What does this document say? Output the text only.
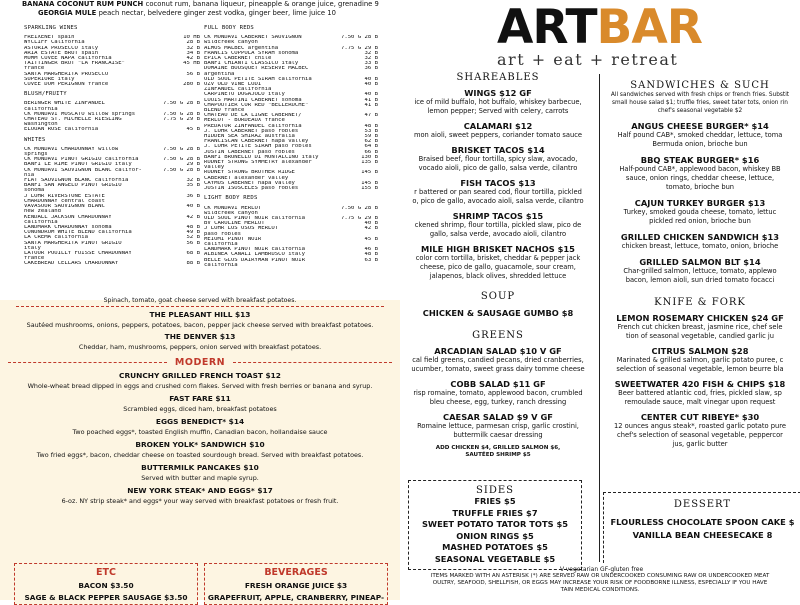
BANANA COCONUT RUM PUNCH coconut rum, banana liqueur, pineapple & orange juice, grenadine 9
GEORGIA MULE peach nectar, belvedere ginger zest vodka, ginger beer, lime juice 10
SPARKLING WINES
FREIXENET spain	10 HB
WYCLIFF California	28 B
ASTORIA PROSECCO italy	32 B
ARIA ESTATE BRUT spain	34 B
MUMM CUVEE NAPA california	42 B
TAITTINGER BRUT "LA FRANCAISE"	45 HB
france
SANTA MARGHERITA PROSECCO	56 B
SUPERIORE italy
CUVEE DOM PERIGNON france	280 B
BLUSH/FRUITY
BERINGER WHITE ZINFANDEL	7.50 G 28 B
california
CK MONDAVI MOSCATO willow springs	7.50 G 28 B
CHATEAU ST. MICHELLE RIESLING	7.75 G 29 B
washington
ELOUAN ROSE california	45 B
WHITES
CK MONDAVI CHARDONNAY willow	7.50 G 28 B
springs
CK MONDAVI PINOT GRIGIO california	7.50 G 28 B
BANFI LE RIME PINOT GRIGIO italy	29 B
CK MONDAVI SAUVIGNON BLANC califor-	7.50 G 28 B
nia
FLAT SAUVIGNON BLANC california	32 B
BANFI SAN ANGELO PINOT GRIGIO	35 B
sonoma
J LOHR RIVERSTONE ESTATE	36 B
CHARDONNAY central coast
VAVASOUR SAUVIGNON BLANC	40 B
new zealand
KENDALL JACKSON CHARDONNAY	42 B
california
LANDMARK CHARDONNAY sonoma	48 B
CONUNDRUM WHITE BLEND california	49 B
LA CREMA california	52 B
SANTA MARGHERITA PINOT GRIGIO	56 B
italy
LATOUR POUILLY FUISSE CHARDONNAY	68 B
france
CAKEBREAD CELLARS CHARDONNAY	88 B
FULL BODY REDS
CK MONDAVI CABERNET SAUVIGNON	7.50 G 28 B
wildcreek canyon
ALMOS MALBEC argentina	7.75 G 29 B
FRANCIS COPPOLA SYRAH sonoma	32 B
EPICA CABERNET chile	32 B
BANFI CHIANTI CLASSICO italy	33 B
DOMAINE BOUSQUET RESERVE MALBEC	36 B
argentina
OLD SOUL PETITE SIRAH california	40 B
OZV OLD VINE LODI	40 B
ZINFANDEL california
CARPINETO DOGAJOLO italy	40 B
LOUIS MARTINI CABERNET sonoma	41 B
CHAPOUTIER COR RED "BELLERUCHE"	41 B
BLEND france
CHATEAU DE LA LIGNE CABERNET/	47 B
MERLOT - BORDEAUX france
PREDATOR ZINFANDEL california	48 B
J. LOHR CABERNET paso robles	53 B
HIDDEN SEA SHIRAZ australia	59 B
FRANCISCAN CABERNET napa valley	62 B
J. LOHR PETITE SIRAH paso robles	64 B
JUSTIN CABERNET paso robles	66 B
BANFI BRUNELLO DI MONTALCINO italy	130 B
RODNEY STRONG SYMMETRY alexander	135 B
valley
RODNEY STRONG BROTHER RIDGE	145 B
CABERNET alexander valley
CAYMUS CABERNET napa valley	145 B
JUSTIN ISOSCELES paso robles	155 B
LIGHT BODY REDS
CK MONDAVI MERLOT	7.50 G 28 B
wildcreek canyon
OLD SOUL PINOT NOIR california	7.75 G 29 B
BV CAROLINE MERLOT	40 B
J LOHR LOS OSOS MERLOT	42 B
paso robles
MEIOMI PINOT NOIR	45 B
california
LANDMARK PINOT NOIR california	46 B
ALBINEA CANALI LAMBRUSCO italy	48 B
BELLE GLOS DAIRYMAN PINOT NOIR	63 B
california
Spinach, tomato, goat cheese served with breakfast potatoes.
THE PLEASANT HILL $13
Sautéed mushrooms, onions, peppers, potatoes, bacon, pepper jack cheese served with breakfast potatoes.
THE DENVER $13
Cheddar, ham, mushrooms, peppers, onion served with breakfast potatoes.
MODERN
CRUNCHY GRILLED FRENCH TOAST $12
Whole-wheat bread dipped in eggs and crushed corn flakes. Served with fresh berries or banana and syrup.
FAST FARE $11
Scrambled eggs, diced ham, breakfast potatoes
EGGS BENEDICT* $14
Two poached eggs*, toasted English muffin, Canadian bacon, hollandaise sauce
BROKEN YOLK* SANDWICH $10
Two fried eggs*, bacon, cheddar cheese on toasted sourdough bread. Served with breakfast potatoes.
BUTTERMILK PANCAKES $10
Served with butter and maple syrup.
NEW YORK STEAK* AND EGGS* $17
6-oz. NY strip steak* and eggs* your way served with breakfast potatoes or fresh fruit.
ETC
BACON $3.50
SAGE & BLACK PEPPER SAUSAGE $3.50
BEVERAGES
FRESH ORANGE JUICE $3
GRAPEFRUIT, APPLE, CRANBERRY, PINEAP-
ARTBAR
art + eat + retreat
SHAREABLES
WINGS $12 GF
ice of mild buffalo, hot buffalo, whiskey barbecue,
lemon pepper; Served with celery, carrots
CALAMARI $12
mon aioli, sweet peppers, coriander tomato sauce
BRISKET TACOS $14
Braised beef, flour tortilla, spicy slaw, avocado,
vocado aioli, pico de gallo, salsa verde, cilantro
FISH TACOS $13
r battered or pan seared cod, flour tortilla, pickled
o, pico de gallo, avocado aioli, salsa verde, cilantro
SHRIMP TACOS $15
ckened shrimp, flour tortilla, pickled slaw, pico de
gallo, salsa verde, avocado aioli, cilantro
MILE HIGH BRISKET NACHOS $15
color corn tortilla, brisket, cheddar & pepper jack
cheese, pico de gallo, guacamole, sour cream,
jalapenos, black olives, shredded lettuce
SOUP
CHICKEN & SAUSAGE GUMBO $8
GREENS
ARCADIAN SALAD $10 V GF
cal field greens, candied pecans, dried cranberries,
ucumber, tomato, sweet grass dairy tomme cheese
COBB SALAD $11 GF
risp romaine, tomato, applewood bacon, crumbled
bleu cheese, egg, turkey, ranch dressing
CAESAR SALAD $9 V GF
Romaine lettuce, parmesan crisp, garlic crostini,
buttermilk caesar dressing
ADD CHICKEN $4, GRILLED SALMON $6,
SAUTÉED SHRIMP $5
SANDWICHES & SUCH
All sandwiches served with fresh chips or french fries. Substit
small house salad $1; truffle fries, sweet tater tots, onion rin
chef's seasonal vegetable $2
ANGUS CHEESE BURGER* $14
Half pound CAB*, smoked cheddar, lettuce, toma
Bermuda onion, brioche bun
BBQ STEAK BURGER* $16
Half-pound CAB*, applewood bacon, whiskey BB
sauce, onion rings, cheddar cheese, lettuce,
tomato, brioche bun
CAJUN TURKEY BURGER $13
Turkey, smoked gouda cheese, tomato, lettuc
pickled red onion, brioche bun
GRILLED CHICKEN SANDWICH $13
chicken breast, lettuce, tomato, onion, brioche
GRILLED SALMON BLT $14
Char-grilled salmon, lettuce, tomato, applewo
bacon, lemon aioli, sun dried tomato focacci
KNIFE & FORK
LEMON ROSEMARY CHICKEN $24 GF
French cut chicken breast, jasmine rice, chef sele
tion of seasonal vegetable, candied garlic ju
CITRUS SALMON $28
Marinated & grilled salmon, garlic potato puree, c
selection of seasonal vegetable, lemon beurre bla
SWEETWATER 420 FISH & CHIPS $18
Beer battered atlantic cod, fries, pickled slaw, sp
remoulade sauce, malt vinegar upon request
CENTER CUT RIBEYE* $30
12 ounces angus steak*, roasted garlic potato pure
chef's selection of seasonal vegetable, peppercor
jus, garlic butter
SIDES
FRIES $5
TRUFFLE FRIES $7
SWEET POTATO TATOR TOTS $5
ONION RINGS $5
MASHED POTATOES $5
SEASONAL VEGETABLE $5
DESSERT
FLOURLESS CHOCOLATE SPOON CAKE $
VANILLA BEAN CHEESECAKE 8
V-vegetarian GF-gluten free
ITEMS MARKED WITH AN ASTERISK (*) ARE SERVED RAW OR UNDERCOOKED CONSUMING RAW OR UNDERCOOKED MEAT
OULTRY, SEAFOOD, SHELLFISH, OR EGGS MAY INCREASE YOUR RISK OF FOODBORNE ILLNESS, ESPECIALLY IF YOU HAVE
TAIN MEDICAL CONDITIONS.
